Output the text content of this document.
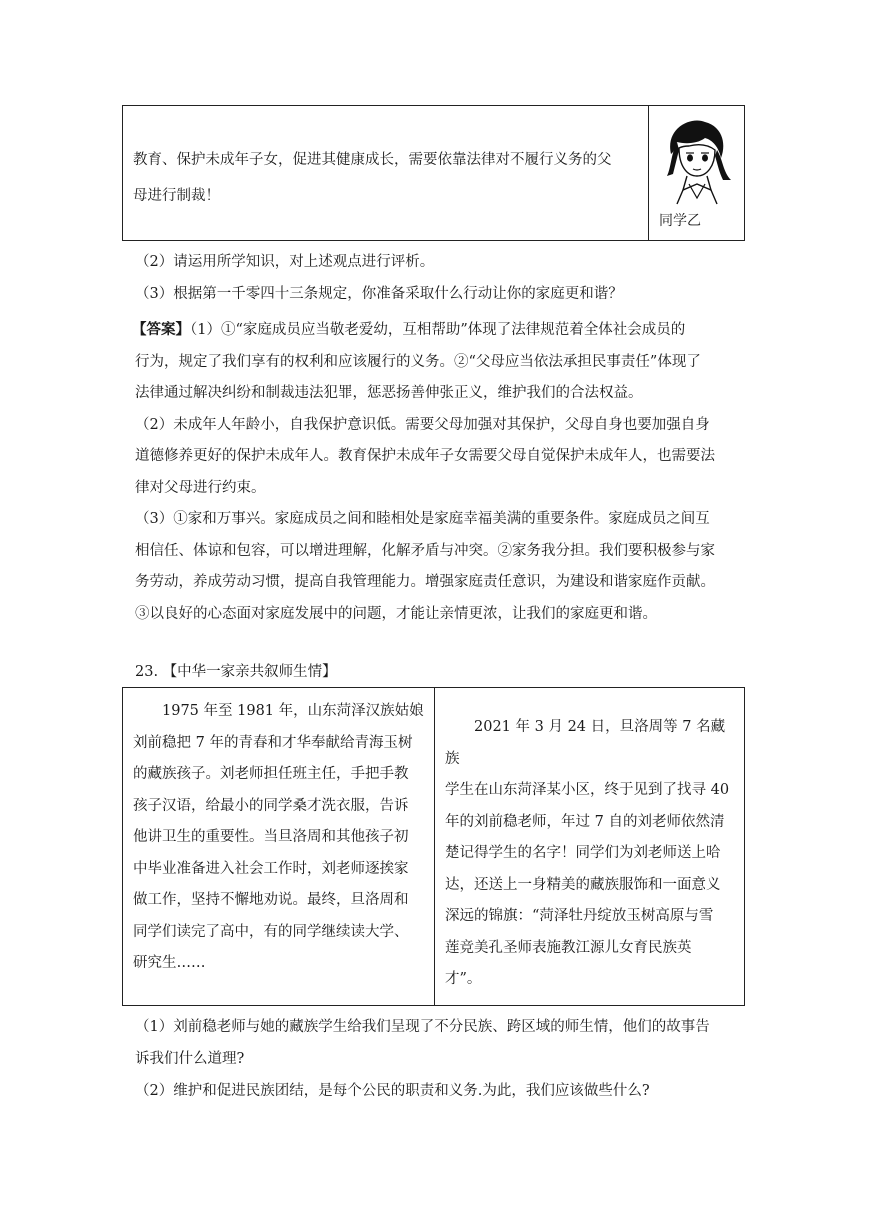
教育、保护未成年子女，促进其健康成长，需要依靠法律对不履行义务的父
母进行制裁！
同学乙
（2）请运用所学知识，对上述观点进行评析。
（3）根据第一千零四十三条规定，你准备采取什么行动让你的家庭更和谐？
【答案】（1）①“家庭成员应当敬老爱幼，互相帮助”体现了法律规范着全体社会成员的
行为，规定了我们享有的权利和应该履行的义务。②“父母应当依法承担民事责任”体现了
法律通过解决纠纷和制裁违法犯罪，惩恶扬善伸张正义，维护我们的合法权益。
（2）未成年人年龄小，自我保护意识低。需要父母加强对其保护，父母自身也要加强自身
道德修养更好的保护未成年人。教育保护未成年子女需要父母自觉保护未成年人，也需要法
律对父母进行约束。
（3）①家和万事兴。家庭成员之间和睦相处是家庭幸福美满的重要条件。家庭成员之间互
相信任、体谅和包容，可以增进理解，化解矛盾与冲突。②家务我分担。我们要积极参与家
务劳动，养成劳动习惯，提高自我管理能力。增强家庭责任意识，为建设和谐家庭作贡献。
③以良好的心态面对家庭发展中的问题，才能让亲情更浓，让我们的家庭更和谐。
23. 【中华一家亲共叙师生情】
1975 年至 1981 年，山东菏泽汉族姑娘
刘前稳把 7 年的青春和才华奉献给青海玉树
的藏族孩子。刘老师担任班主任，手把手教
孩子汉语，给最小的同学桑才洗衣服，告诉
他讲卫生的重要性。当旦洛周和其他孩子初
中毕业准备进入社会工作时，刘老师逐挨家
做工作，坚持不懈地劝说。最终，旦洛周和
同学们读完了高中，有的同学继续读大学、
研究生……
2021 年 3 月 24 日，旦洛周等 7 名藏族
学生在山东菏泽某小区，终于见到了找寻 40
年的刘前稳老师，年过 7 自的刘老师依然清
楚记得学生的名字！同学们为刘老师送上哈
达，还送上一身精美的藏族服饰和一面意义
深远的锦旗：“菏泽牡丹绽放玉树高原与雪
莲竞美孔圣师表施教江源儿女育民族英
才”。
（1）刘前稳老师与她的藏族学生给我们呈现了不分民族、跨区域的师生情，他们的故事告
诉我们什么道理?
（2）维护和促进民族团结，是每个公民的职责和义务.为此，我们应该做些什么?
